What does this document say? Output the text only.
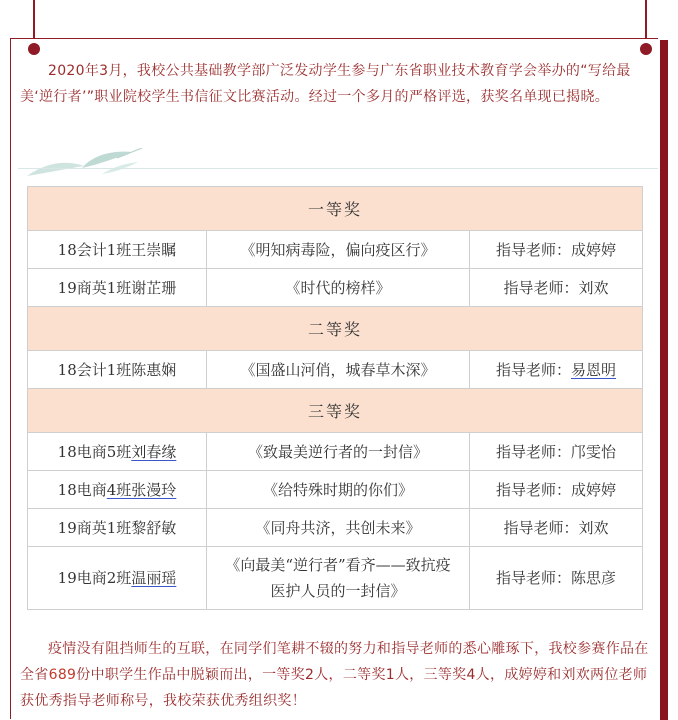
2020年3月，我校公共基础教学部广泛发动学生参与广东省职业技术教育学会举办的“写给最美‘逆行者’”职业院校学生书信征文比赛活动。经过一个多月的严格评选，获奖名单现已揭晓。
一等奖		
18会计1班王崇瞩	《明知病毒险，偏向疫区行》	指导老师：成婷婷
19商英1班谢芷珊	《时代的榜样》	指导老师：刘欢
二等奖		
18会计1班陈惠娴	《国盛山河俏，城春草木深》	指导老师：易恩明
三等奖		
18电商5班刘春缘	《致最美逆行者的一封信》	指导老师：邝雯怡
18电商4班张漫玲	《给特殊时期的你们》	指导老师：成婷婷
19商英1班黎舒敏	《同舟共济，共创未来》	指导老师：刘欢
19电商2班温丽瑶	《向最美“逆行者”看齐——致抗疫医护人员的一封信》	指导老师：陈思彦
疫情没有阻挡师生的互联，在同学们笔耕不辍的努力和指导老师的悉心雕琢下，我校参赛作品在全省689份中职学生作品中脱颖而出，一等奖2人，二等奖1人，三等奖4人，成婷婷和刘欢两位老师获优秀指导老师称号，我校荣获优秀组织奖！
